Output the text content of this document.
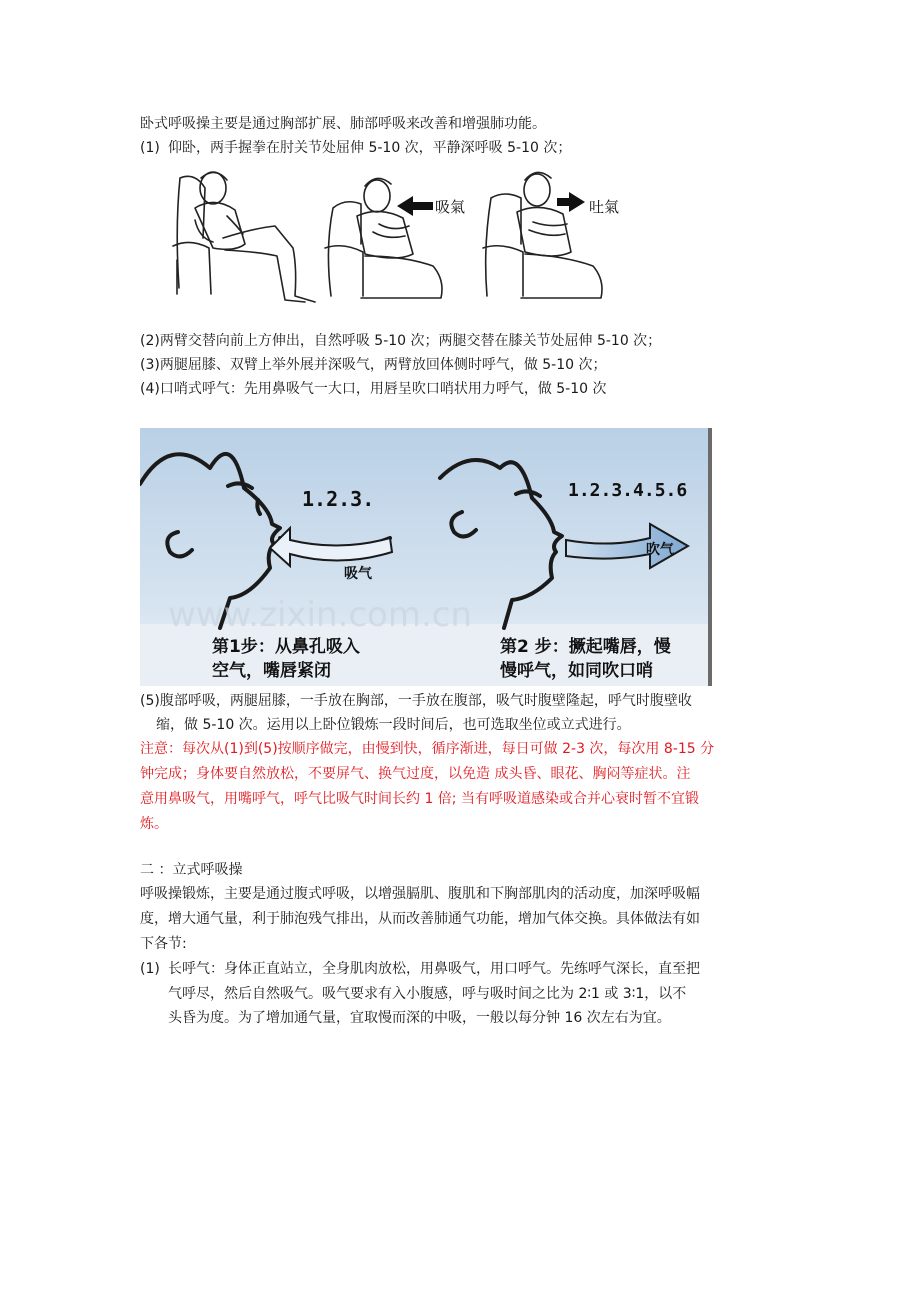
卧式呼吸操主要是通过胸部扩展、肺部呼吸来改善和增强肺功能。
(1) 仰卧，两手握拳在肘关节处屈伸 5-10 次，平静深呼吸 5-10 次；
吸氣	吐氣
(2)两臂交替向前上方伸出，自然呼吸 5-10 次；两腿交替在膝关节处屈伸 5-10 次；
(3)两腿屈膝、双臂上举外展并深吸气，两臂放回体侧时呼气，做 5-10 次；
(4)口哨式呼气：先用鼻吸气一大口，用唇呈吹口哨状用力呼气，做 5-10 次
1.2.3.	1.2.3.4.5.6
吸气
吹气
www.zixin.com.cn
第1步：从鼻孔吸入
空气，嘴唇紧闭
第2 步：撅起嘴唇，慢
慢呼气，如同吹口哨
(5)腹部呼吸，两腿屈膝，一手放在胸部，一手放在腹部，吸气时腹壁隆起，呼气时腹壁收
缩，做 5-10 次。运用以上卧位锻炼一段时间后，也可选取坐位或立式进行。
注意：每次从(1)到(5)按顺序做完，由慢到快，循序渐进，每日可做 2-3 次，每次用 8-15 分
钟完成；身体要自然放松，不要屏气、换气过度，以免造 成头昏、眼花、胸闷等症状。注
意用鼻吸气，用嘴呼气，呼气比吸气时间长约 1 倍; 当有呼吸道感染或合并心衰时暂不宜锻
炼。
二 ：立式呼吸操
呼吸操锻炼，主要是通过腹式呼吸，以增强膈肌、腹肌和下胸部肌肉的活动度，加深呼吸幅
度，增大通气量，利于肺泡残气排出，从而改善肺通气功能，增加气体交换。具体做法有如
下各节:
(1) 长呼气：身体正直站立，全身肌肉放松，用鼻吸气，用口呼气。先练呼气深长，直至把
气呼尽，然后自然吸气。吸气要求有入小腹感，呼与吸时间之比为 2∶1 或 3∶1，以不
头昏为度。为了增加通气量，宜取慢而深的中吸，一般以每分钟 16 次左右为宜。
